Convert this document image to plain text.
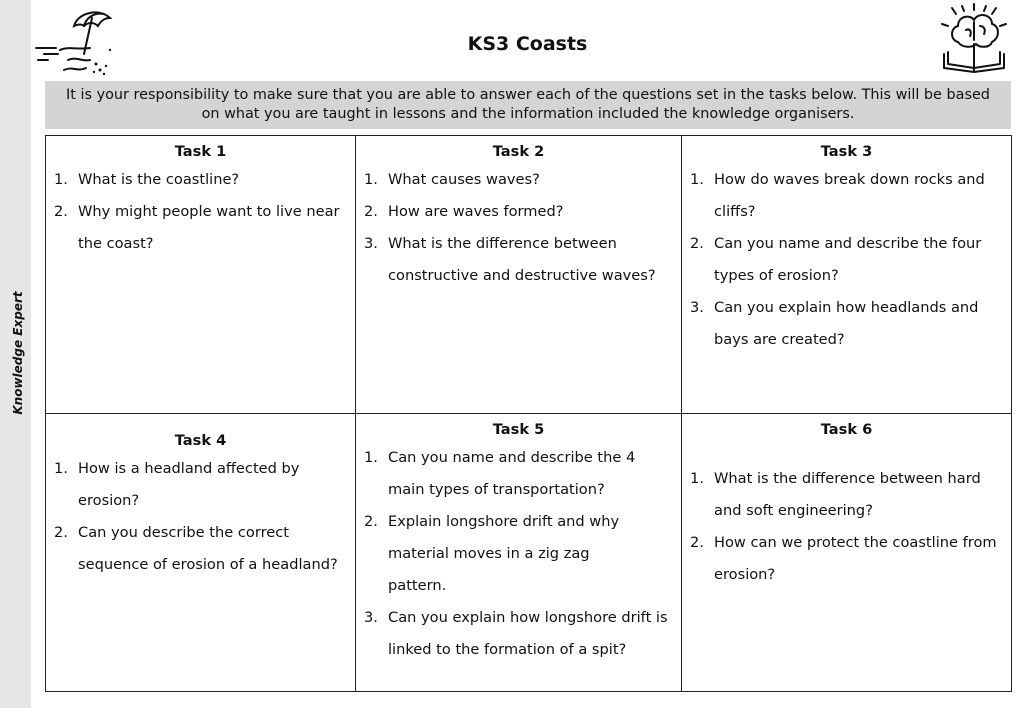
Knowledge Expert
KS3 Coasts
It is your responsibility to make sure that you are able to answer each of the questions set in the tasks below. This will be based on what you are taught in lessons and the information included the knowledge organisers.
Task 1
What is the coastline?
Why might people want to live near the coast?
Task 2
What causes waves?
How are waves formed?
What is the difference between constructive and destructive waves?
Task 3
How do waves break down rocks and cliffs?
Can you name and describe the four types of erosion?
Can you explain how headlands and bays are created?
Task 4
How is a headland affected by erosion?
Can you describe the correct sequence of erosion of a headland?
Task 5
Can you name and describe the 4 main types of transportation?
Explain longshore drift and why material moves in a zig zag pattern.
Can you explain how longshore drift is linked to the formation of a spit?
Task 6
What is the difference between hard and soft engineering?
How can we protect the coastline from erosion?
